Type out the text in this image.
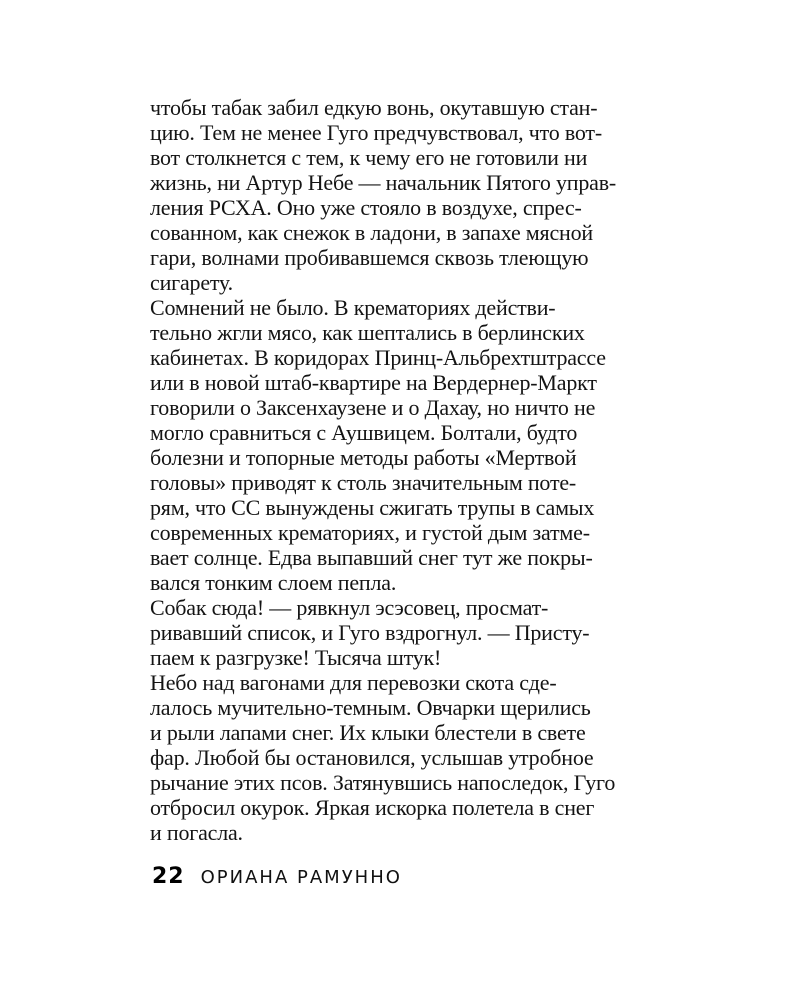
чтобы табак забил едкую вонь, окутавшую стан-
цию. Тем не менее Гуго предчувствовал, что вот-
вот столкнется с тем, к чему его не готовили ни
жизнь, ни Артур Небе — начальник Пятого управ-
ления РСХА. Оно уже стояло в воздухе, спрес-
сованном, как снежок в ладони, в запахе мясной
гари, волнами пробивавшемся сквозь тлеющую
сигарету.
Сомнений не было. В крематориях действи-
тельно жгли мясо, как шептались в берлинских
кабинетах. В коридорах Принц-Альбрехтштрассе
или в новой штаб-квартире на Вердернер-Маркт
говорили о Заксенхаузене и о Дахау, но ничто не
могло сравниться с Аушвицем. Болтали, будто
болезни и топорные методы работы «Мертвой
головы» приводят к столь значительным поте-
рям, что СС вынуждены сжигать трупы в самых
современных крематориях, и густой дым затме-
вает солнце. Едва выпавший снег тут же покры-
вался тонким слоем пепла.
Собак сюда! — рявкнул эсэсовец, просмат-
ривавший список, и Гуго вздрогнул. — Присту-
паем к разгрузке! Тысяча штук!
Небо над вагонами для перевозки скота сде-
лалось мучительно-темным. Овчарки щерились
и рыли лапами снег. Их клыки блестели в свете
фар. Любой бы остановился, услышав утробное
рычание этих псов. Затянувшись напоследок, Гуго
отбросил окурок. Яркая искорка полетела в снег
и погасла.
22 ОРИАНА РАМУННО
